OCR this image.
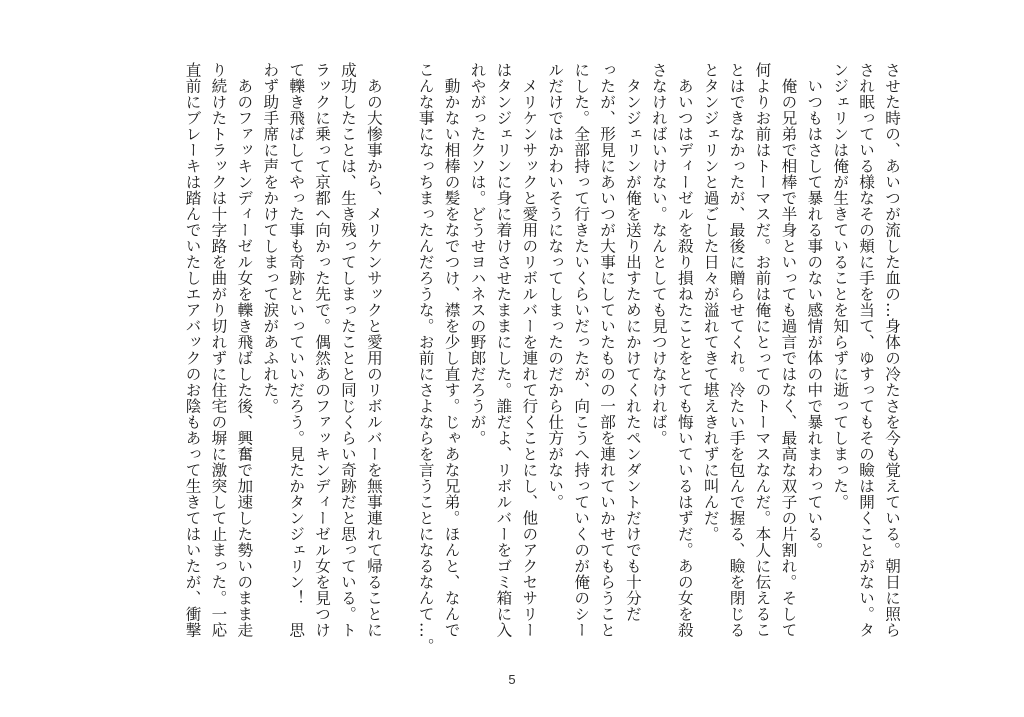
させた時の、あいつが流した血の…身体の冷たさを今も覚えている。朝日に照ら
され眠っている様なその頬に手を当て、ゆすってもその瞼は開くことがない。タ
ンジェリンは俺が生きていることを知らずに逝ってしまった。
　いつもはさして暴れる事のない感情が体の中で暴れまわっている。
　俺の兄弟で相棒で半身といっても過言ではなく、最高な双子の片割れ。そして
何よりお前はトーマスだ。お前は俺にとってのトーマスなんだ。本人に伝えるこ
とはできなかったが、最後に贈らせてくれ。冷たい手を包んで握る、瞼を閉じる
とタンジェリンと過ごした日々が溢れてきて堪えきれずに叫んだ。
　あいつはディーゼルを殺り損ねたことをとても悔いているはずだ。あの女を殺
さなければいけない。なんとしても見つけなければ。
　タンジェリンが俺を送り出すためにかけてくれたペンダントだけでも十分だ
ったが、形見にあいつが大事にしていたものの一部を連れていかせてもらうこと
にした。全部持って行きたいくらいだったが、向こうへ持っていくのが俺のシー
ルだけではかわいそうになってしまったのだから仕方がない。
　メリケンサックと愛用のリボルバーを連れて行くことにし、他のアクセサリー
はタンジェリンに身に着けさせたままにした。誰だよ、リボルバーをゴミ箱に入
れやがったクソは。どうせヨハネスの野郎だろうが。
　動かない相棒の髪をなでつけ、襟を少し直す。じゃあな兄弟。ほんと、なんで
こんな事になっちまったんだろうな。お前にさよならを言うことになるなんて…。

　あの大惨事から、メリケンサックと愛用のリボルバーを無事連れて帰ることに
成功したことは、生き残ってしまったことと同じくらい奇跡だと思っている。ト
ラックに乗って京都へ向かった先で。偶然あのファッキンディーゼル女を見つけ
て轢き飛ばしてやった事も奇跡といっていいだろう。見たかタンジェリン！　思
わず助手席に声をかけてしまって涙があふれた。
　あのファッキンディーゼル女を轢き飛ばした後、興奮で加速した勢いのまま走
り続けたトラックは十字路を曲がり切れずに住宅の塀に激突して止まった。一応
直前にブレーキは踏んでいたしエアバックのお陰もあって生きてはいたが、衝撃
5
